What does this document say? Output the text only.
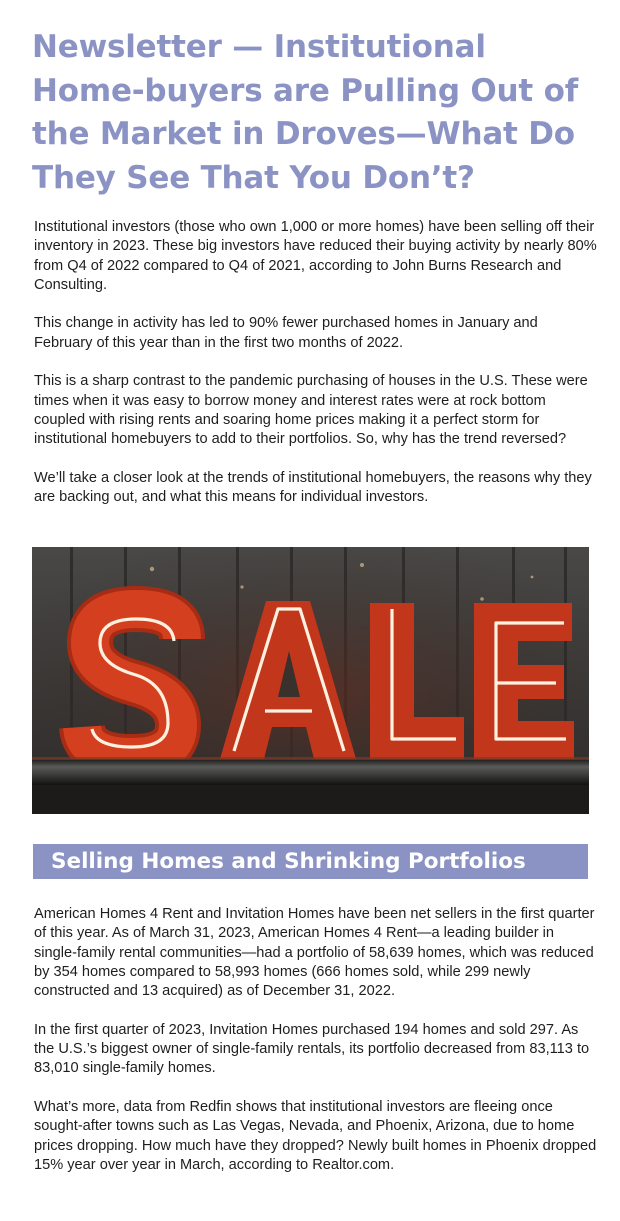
Newsletter — Institutional Home-buyers are Pulling Out of the Market in Droves—What Do They See That You Don’t?

Institutional investors (those who own 1,000 or more homes) have been selling off their inventory in 2023. These big investors have reduced their buying activity by nearly 80% from Q4 of 2022 compared to Q4 of 2021, according to John Burns Research and Consulting.

This change in activity has led to 90% fewer purchased homes in January and February of this year than in the first two months of 2022.

This is a sharp contrast to the pandemic purchasing of houses in the U.S. These were times when it was easy to borrow money and interest rates were at rock bottom coupled with rising rents and soaring home prices making it a perfect storm for institutional homebuyers to add to their portfolios. So, why has the trend reversed?

We’ll take a closer look at the trends of institutional homebuyers, the reasons why they are backing out, and what this means for individual investors.

Selling Homes and Shrinking Portfolios

American Homes 4 Rent and Invitation Homes have been net sellers in the first quarter of this year. As of March 31, 2023, American Homes 4 Rent—a leading builder in single-family rental communities—had a portfolio of 58,639 homes, which was reduced by 354 homes compared to 58,993 homes (666 homes sold, while 299 newly constructed and 13 acquired) as of December 31, 2022.

In the first quarter of 2023, Invitation Homes purchased 194 homes and sold 297. As the U.S.’s biggest owner of single-family rentals, its portfolio decreased from 83,113 to 83,010 single-family homes.

What’s more, data from Redfin shows that institutional investors are fleeing once sought-after towns such as Las Vegas, Nevada, and Phoenix, Arizona, due to home prices dropping. How much have they dropped? Newly built homes in Phoenix dropped 15% year over year in March, according to Realtor.com.
